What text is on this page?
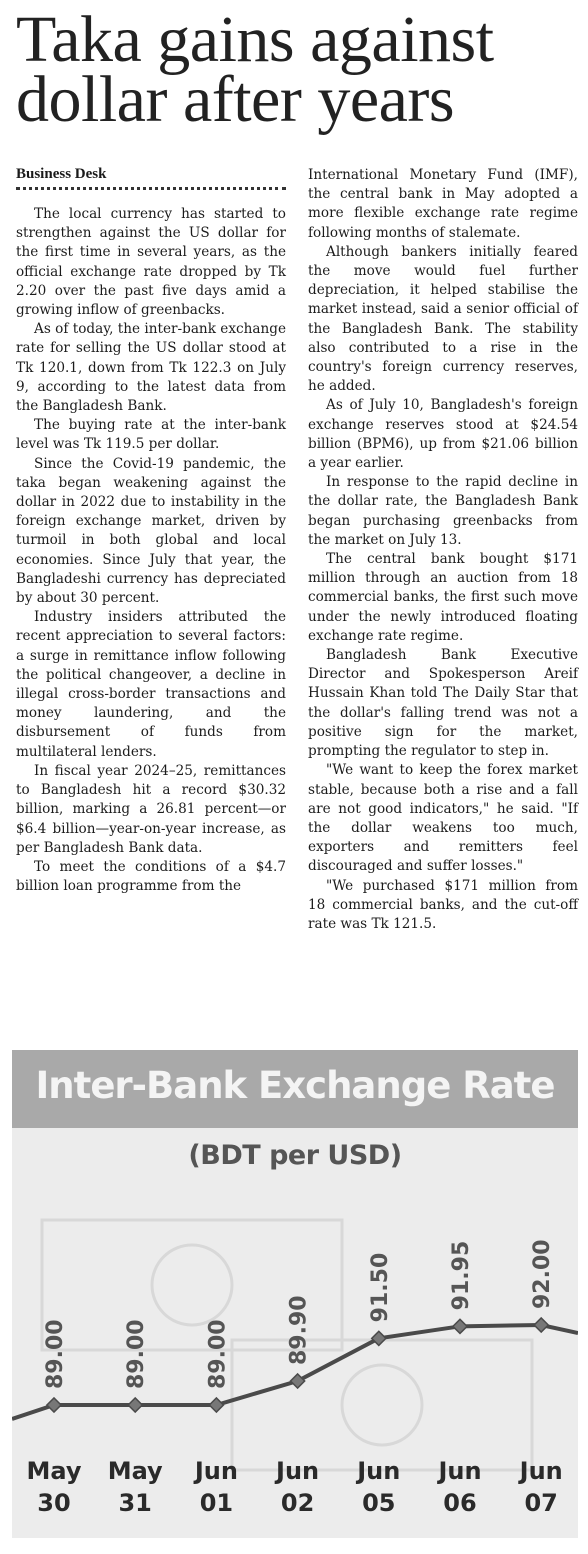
Taka gains against dollar after years
Business Desk

The local currency has started to strengthen against the US dollar for the first time in several years, as the official exchange rate dropped by Tk 2.20 over the past five days amid a growing inflow of greenbacks.

As of today, the inter-bank exchange rate for selling the US dollar stood at Tk 120.1, down from Tk 122.3 on July 9, according to the latest data from the Bangladesh Bank.

The buying rate at the inter-bank level was Tk 119.5 per dollar.

Since the Covid-19 pandemic, the taka began weakening against the dollar in 2022 due to instability in the foreign exchange market, driven by turmoil in both global and local economies. Since July that year, the Bangladeshi currency has depreciated by about 30 percent.

Industry insiders attributed the recent appreciation to several factors: a surge in remittance inflow following the political changeover, a decline in illegal cross-border transactions and money laundering, and the disbursement of funds from multilateral lenders.

In fiscal year 2024–25, remittances to Bangladesh hit a record $30.32 billion, marking a 26.81 percent—or $6.4 billion—year-on-year increase, as per Bangladesh Bank data.

To meet the conditions of a $4.7 billion loan programme from the

International Monetary Fund (IMF), the central bank in May adopted a more flexible exchange rate regime following months of stalemate.

Although bankers initially feared the move would fuel further depreciation, it helped stabilise the market instead, said a senior official of the Bangladesh Bank. The stability also contributed to a rise in the country's foreign currency reserves, he added.

As of July 10, Bangladesh's foreign exchange reserves stood at $24.54 billion (BPM6), up from $21.06 billion a year earlier.

In response to the rapid decline in the dollar rate, the Bangladesh Bank began purchasing greenbacks from the market on July 13.

The central bank bought $171 million through an auction from 18 commercial banks, the first such move under the newly introduced floating exchange rate regime.

Bangladesh Bank Executive Director and Spokesperson Areif Hussain Khan told The Daily Star that the dollar's falling trend was not a positive sign for the market, prompting the regulator to step in.

"We want to keep the forex market stable, because both a rise and a fall are not good indicators," he said. "If the dollar weakens too much, exporters and remitters feel discouraged and suffer losses."

"We purchased $171 million from 18 commercial banks, and the cut-off rate was Tk 121.5.

Inter-Bank Exchange Rate
(BDT per USD)
89.00
May
30
89.00
May
31
89.00
Jun
01
89.90
Jun
02
91.50
Jun
05
91.95
Jun
06
92.00
Jun
07
